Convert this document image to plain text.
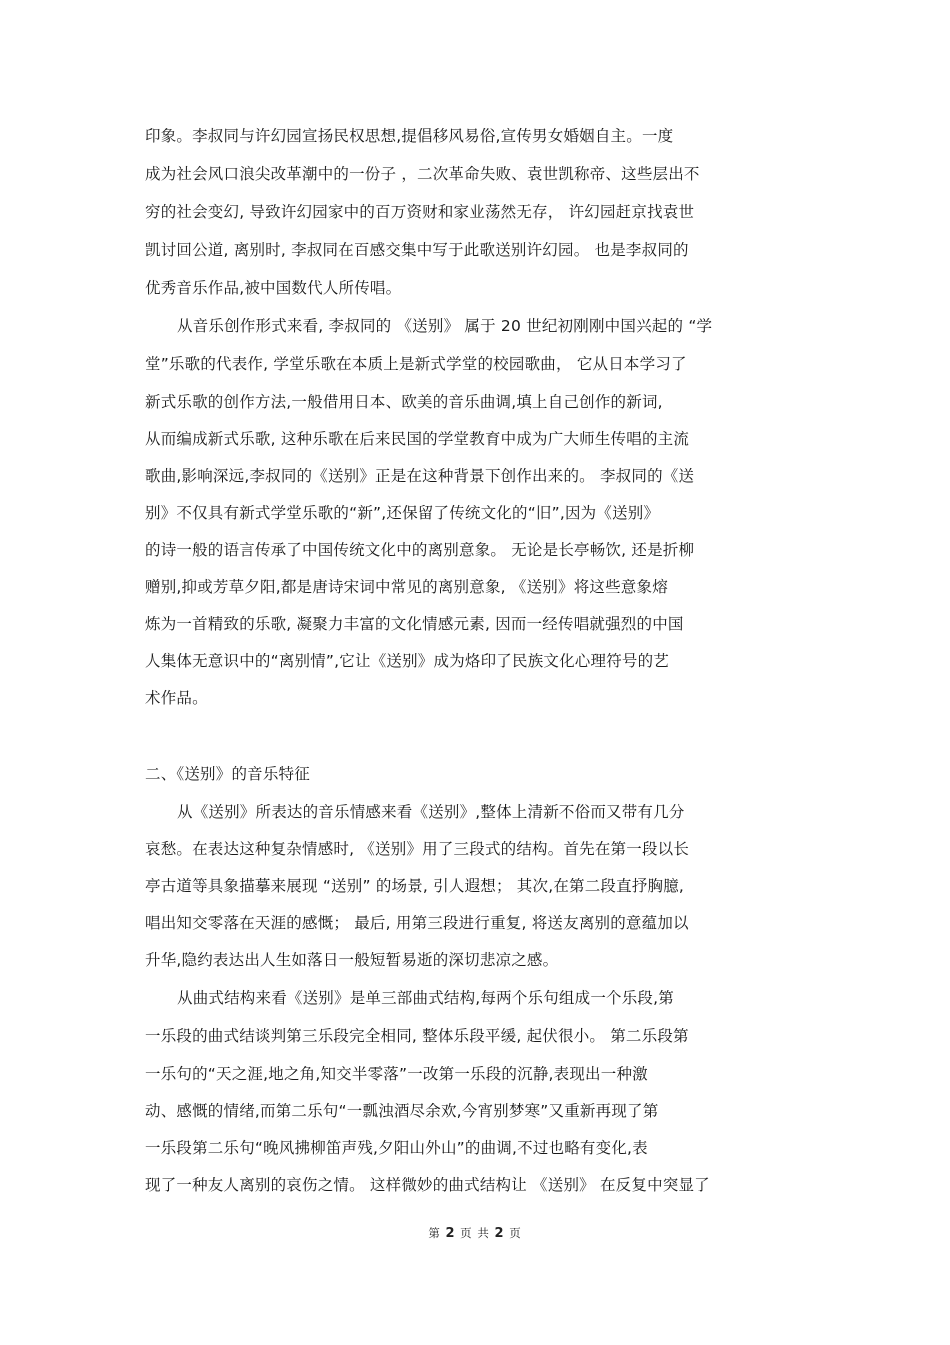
印象。李叔同与许幻园宣扬民权思想,提倡移风易俗,宣传男女婚姻自主。一度
成为社会风口浪尖改革潮中的一份子 ，二次革命失败、袁世凯称帝、这些层出不
穷的社会变幻, 导致许幻园家中的百万资财和家业荡然无存， 许幻园赶京找袁世
凯讨回公道, 离别时, 李叔同在百感交集中写于此歌送别许幻园。 也是李叔同的
优秀音乐作品,被中国数代人所传唱。
从音乐创作形式来看, 李叔同的 《送别》 属于 20 世纪初刚刚中国兴起的 “学
堂”乐歌的代表作, 学堂乐歌在本质上是新式学堂的校园歌曲， 它从日本学习了
新式乐歌的创作方法,一般借用日本、欧美的音乐曲调,填上自己创作的新词,
从而编成新式乐歌, 这种乐歌在后来民国的学堂教育中成为广大师生传唱的主流
歌曲,影响深远,李叔同的《送别》正是在这种背景下创作出来的。 李叔同的《送
别》不仅具有新式学堂乐歌的“新”,还保留了传统文化的“旧”,因为《送别》
的诗一般的语言传承了中国传统文化中的离别意象。 无论是长亭畅饮, 还是折柳
赠别,抑或芳草夕阳,都是唐诗宋词中常见的离别意象, 《送别》将这些意象熔
炼为一首精致的乐歌, 凝聚力丰富的文化情感元素, 因而一经传唱就强烈的中国
人集体无意识中的“离别情”,它让《送别》成为烙印了民族文化心理符号的艺
术作品。
二、《送别》的音乐特征
从《送别》所表达的音乐情感来看《送别》,整体上清新不俗而又带有几分
哀愁。在表达这种复杂情感时, 《送别》用了三段式的结构。首先在第一段以长
亭古道等具象描摹来展现 “送别” 的场景, 引人遐想； 其次,在第二段直抒胸臆,
唱出知交零落在天涯的感慨； 最后, 用第三段进行重复, 将送友离别的意蕴加以
升华,隐约表达出人生如落日一般短暂易逝的深切悲凉之感。
从曲式结构来看《送别》是单三部曲式结构,每两个乐句组成一个乐段,第
一乐段的曲式结谈判第三乐段完全相同, 整体乐段平缓, 起伏很小。 第二乐段第
一乐句的“天之涯,地之角,知交半零落”一改第一乐段的沉静,表现出一种激
动、感慨的情绪,而第二乐句“一瓢浊酒尽余欢,今宵别梦寒”又重新再现了第
一乐段第二乐句“晚风拂柳笛声残,夕阳山外山”的曲调,不过也略有变化,表
现了一种友人离别的哀伤之情。 这样微妙的曲式结构让 《送别》 在反复中突显了
第 2 页 共 2 页
